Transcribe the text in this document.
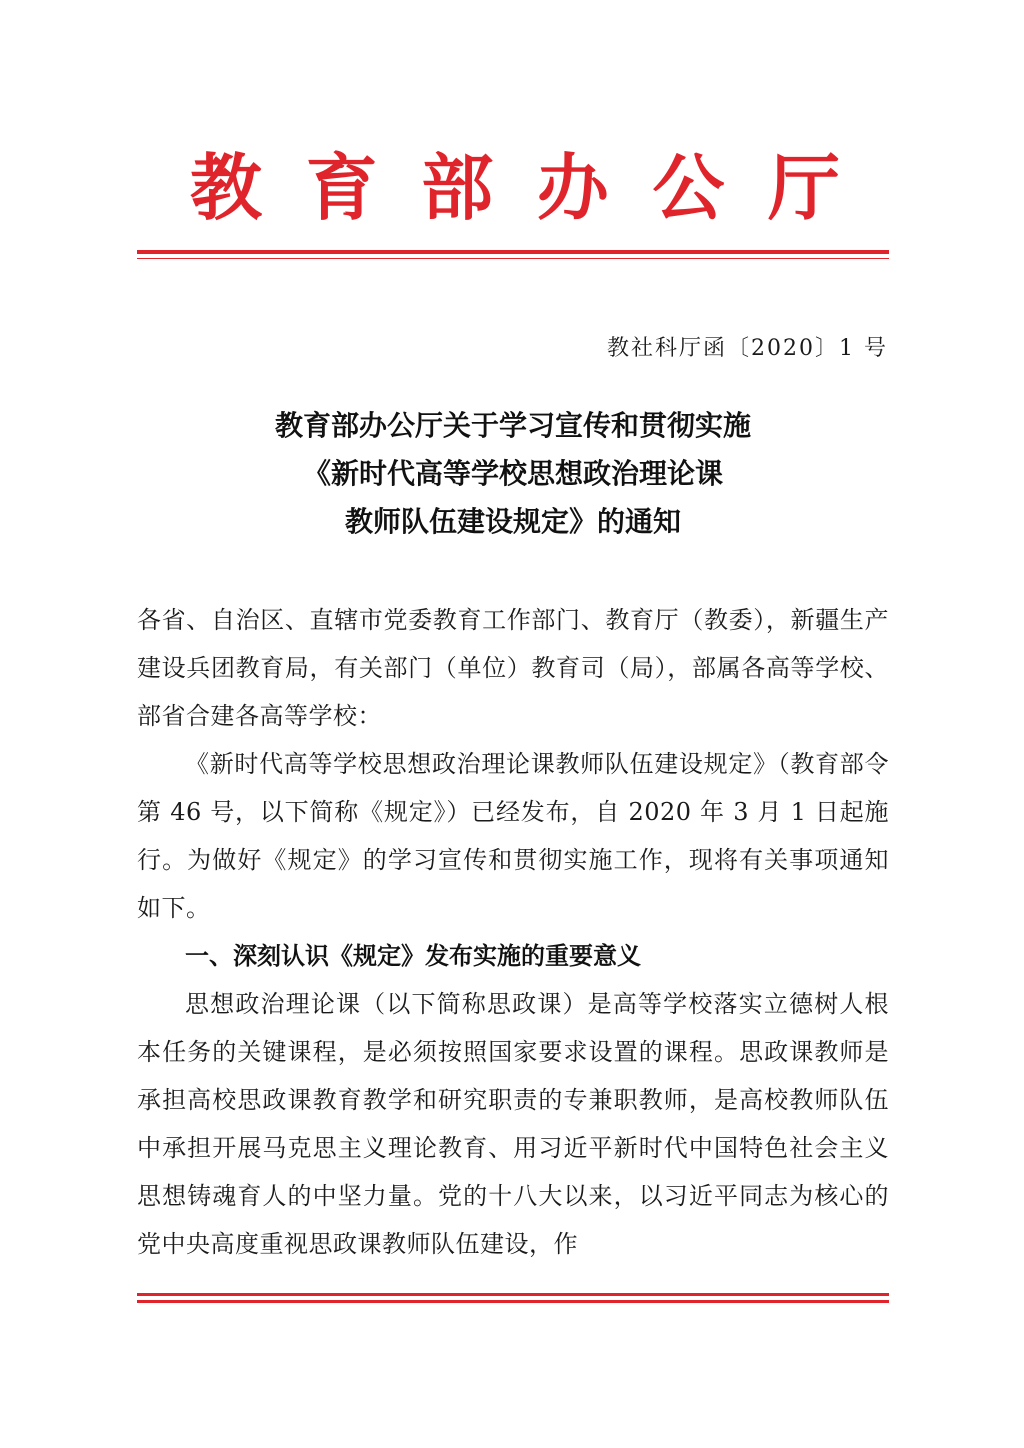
教 育 部 办 公 厅
教社科厅函〔2020〕1 号
教育部办公厅关于学习宣传和贯彻实施
《新时代高等学校思想政治理论课
教师队伍建设规定》的通知

各省、自治区、直辖市党委教育工作部门、教育厅（教委），新疆生产建设兵团教育局，有关部门（单位）教育司（局），部属各高等学校、部省合建各高等学校：

《新时代高等学校思想政治理论课教师队伍建设规定》（教育部令第 46 号，以下简称《规定》）已经发布，自 2020 年 3 月 1 日起施行。为做好《规定》的学习宣传和贯彻实施工作，现将有关事项通知如下。

一、深刻认识《规定》发布实施的重要意义

思想政治理论课（以下简称思政课）是高等学校落实立德树人根本任务的关键课程，是必须按照国家要求设置的课程。思政课教师是承担高校思政课教育教学和研究职责的专兼职教师，是高校教师队伍中承担开展马克思主义理论教育、用习近平新时代中国特色社会主义思想铸魂育人的中坚力量。党的十八大以来，以习近平同志为核心的党中央高度重视思政课教师队伍建设，作
